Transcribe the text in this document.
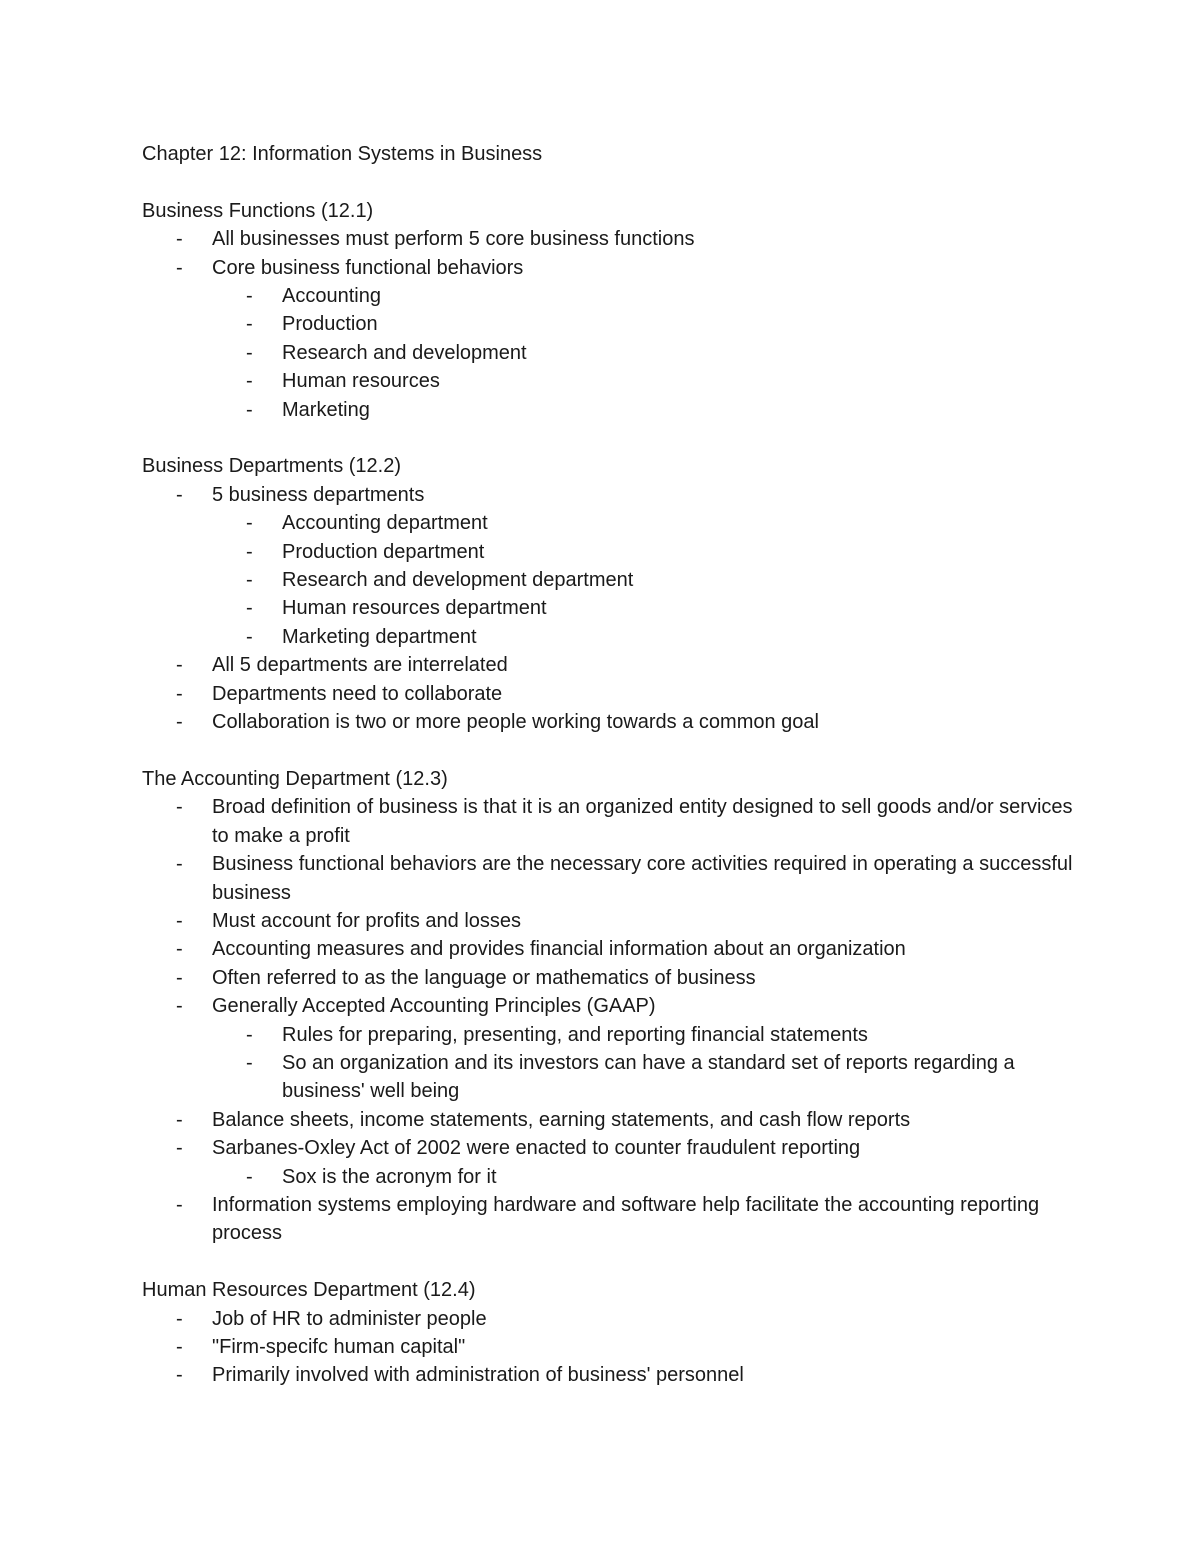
Chapter 12: Information Systems in Business

Business Functions (12.1)

- All businesses must perform 5 core business functions
- Core business functional behaviors
- Accounting
- Production
- Research and development
- Human resources
- Marketing

Business Departments (12.2)

- 5 business departments
- Accounting department
- Production department
- Research and development department
- Human resources department
- Marketing department
- All 5 departments are interrelated
- Departments need to collaborate
- Collaboration is two or more people working towards a common goal

The Accounting Department (12.3)

- Broad definition of business is that it is an organized entity designed to sell goods and/or services to make a profit
- Business functional behaviors are the necessary core activities required in operating a successful business
- Must account for profits and losses
- Accounting measures and provides financial information about an organization
- Often referred to as the language or mathematics of business
- Generally Accepted Accounting Principles (GAAP)
- Rules for preparing, presenting, and reporting financial statements
- So an organization and its investors can have a standard set of reports regarding a business' well being
- Balance sheets, income statements, earning statements, and cash flow reports
- Sarbanes-Oxley Act of 2002 were enacted to counter fraudulent reporting
- Sox is the acronym for it
- Information systems employing hardware and software help facilitate the accounting reporting process

Human Resources Department (12.4)

- Job of HR to administer people
- "Firm-specifc human capital"
- Primarily involved with administration of business' personnel
